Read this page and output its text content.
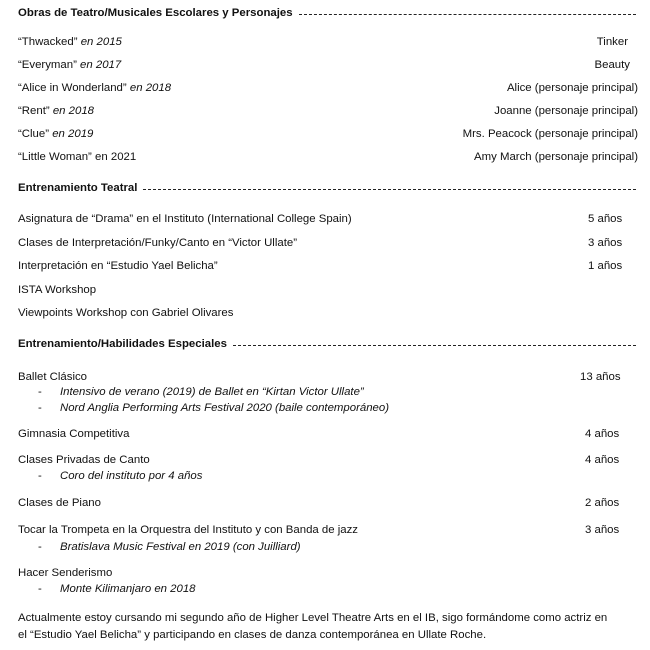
Obras de Teatro/Musicales Escolares y Personajes
“Thwacked” en 2015	Tinker
“Everyman” en 2017	Beauty
“Alice in Wonderland” en 2018	Alice (personaje principal)
“Rent” en 2018	Joanne (personaje principal)
“Clue” en 2019	Mrs. Peacock (personaje principal)
“Little Woman” en 2021	Amy March (personaje principal)
Entrenamiento Teatral
Asignatura de “Drama” en el Instituto (International College Spain)	5 años
Clases de Interpretación/Funky/Canto en “Victor Ullate”	3 años
Interpretación en “Estudio Yael Belicha”	1 años
ISTA Workshop
Viewpoints Workshop con Gabriel Olivares
Entrenamiento/Habilidades Especiales
Ballet Clásico	13 años
- Intensivo de verano (2019) de Ballet en “Kirtan Victor Ullate”
- Nord Anglia Performing Arts Festival 2020 (baile contemporáneo)
Gimnasia Competitiva	4 años
Clases Privadas de Canto	4 años
- Coro del instituto por 4 años
Clases de Piano	2 años
Tocar la Trompeta en la Orquestra del Instituto y con Banda de jazz	3 años
- Bratislava Music Festival en 2019 (con Juilliard)
Hacer Senderismo
- Monte Kilimanjaro en 2018
Actualmente estoy cursando mi segundo año de Higher Level Theatre Arts en el IB, sigo formándome como actriz en
el “Estudio Yael Belicha” y participando en clases de danza contemporánea en Ullate Roche.
